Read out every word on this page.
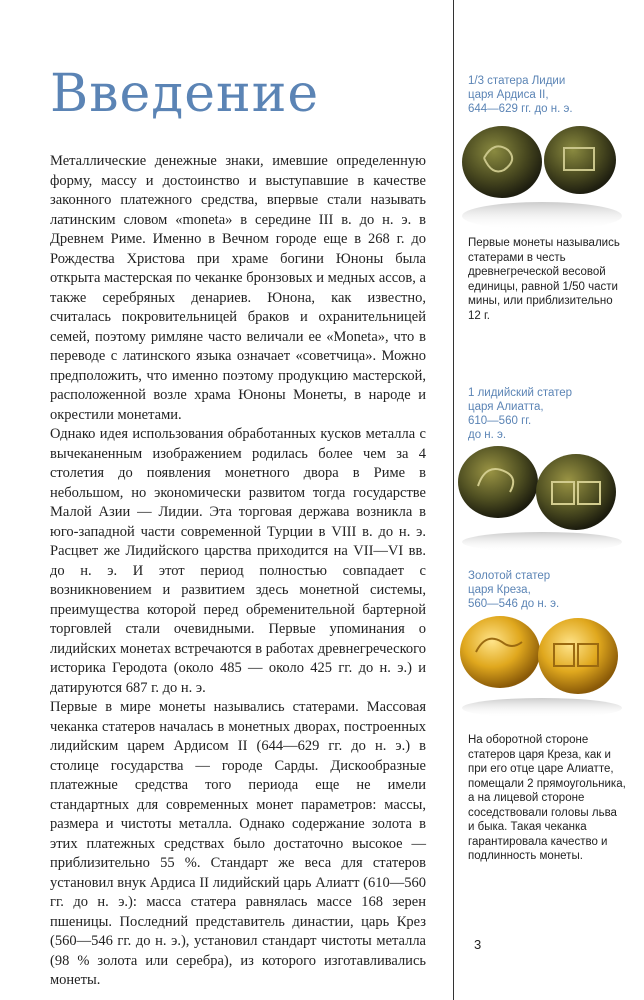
Введение

Металлические денежные знаки, имевшие определенную форму, массу и достоинство и выступавшие в качестве законного платежного средства, впервые стали называть латинским словом «moneta» в середине III в. до н. э. в Древнем Риме. Именно в Вечном городе еще в 268 г. до Рождества Христова при храме богини Юноны была открыта мастерская по чеканке бронзовых и медных ассов, а также серебряных денариев. Юнона, как известно, считалась покровительницей браков и охранительницей семей, поэтому римляне часто величали ее «Moneta», что в переводе с латинского языка означает «советчица». Можно предположить, что именно поэтому продукцию мастерской, расположенной возле храма Юноны Монеты, в народе и окрестили монетами.

Однако идея использования обработанных кусков металла с вычеканенным изображением родилась более чем за 4 столетия до появления монетного двора в Риме в небольшом, но экономически развитом тогда государстве Малой Азии — Лидии. Эта торговая держава возникла в юго-западной части современной Турции в VIII в. до н. э. Расцвет же Лидийского царства приходится на VII—VI вв. до н. э. И этот период полностью совпадает с возникновением и развитием здесь монетной системы, преимущества которой перед обременительной бартерной торговлей стали очевидными. Первые упоминания о лидийских монетах встречаются в работах древнегреческого историка Геродота (около 485 — около 425 гг. до н. э.) и датируются 687 г. до н. э.

Первые в мире монеты назывались статерами. Массовая чеканка статеров началась в монетных дворах, построенных лидийским царем Ардисом II (644—629 гг. до н. э.) в столице государства — городе Сарды. Дискообразные платежные средства того периода еще не имели стандартных для современных монет параметров: массы, размера и чистоты металла. Однако содержание золота в этих платежных средствах было достаточно высокое — приблизительно 55 %. Стандарт же веса для статеров установил внук Ардиса II лидийский царь Алиатт (610—560 гг. до н. э.): масса статера равнялась массе 168 зерен пшеницы. Последний представитель династии, царь Крез (560—546 гг. до н. э.), установил стандарт чистоты металла (98 % золота или серебра), из которого изготавливались монеты.

1/3 статера Лидии
царя Ардиса II,
644—629 гг. до н. э.
Первые монеты назывались статерами в честь древнегреческой весовой единицы, равной 1/50 части мины, или приблизительно 12 г.
1 лидийский статер
царя Алиатта,
610—560 гг.
до н. э.
Золотой статер
царя Креза,
560—546 до н. э.
На оборотной стороне статеров царя Креза, как и при его отце царе Алиатте, помещали 2 прямоугольника, а на лицевой стороне соседствовали головы льва и быка. Такая чеканка гарантировала качество и подлинность монеты.
3
